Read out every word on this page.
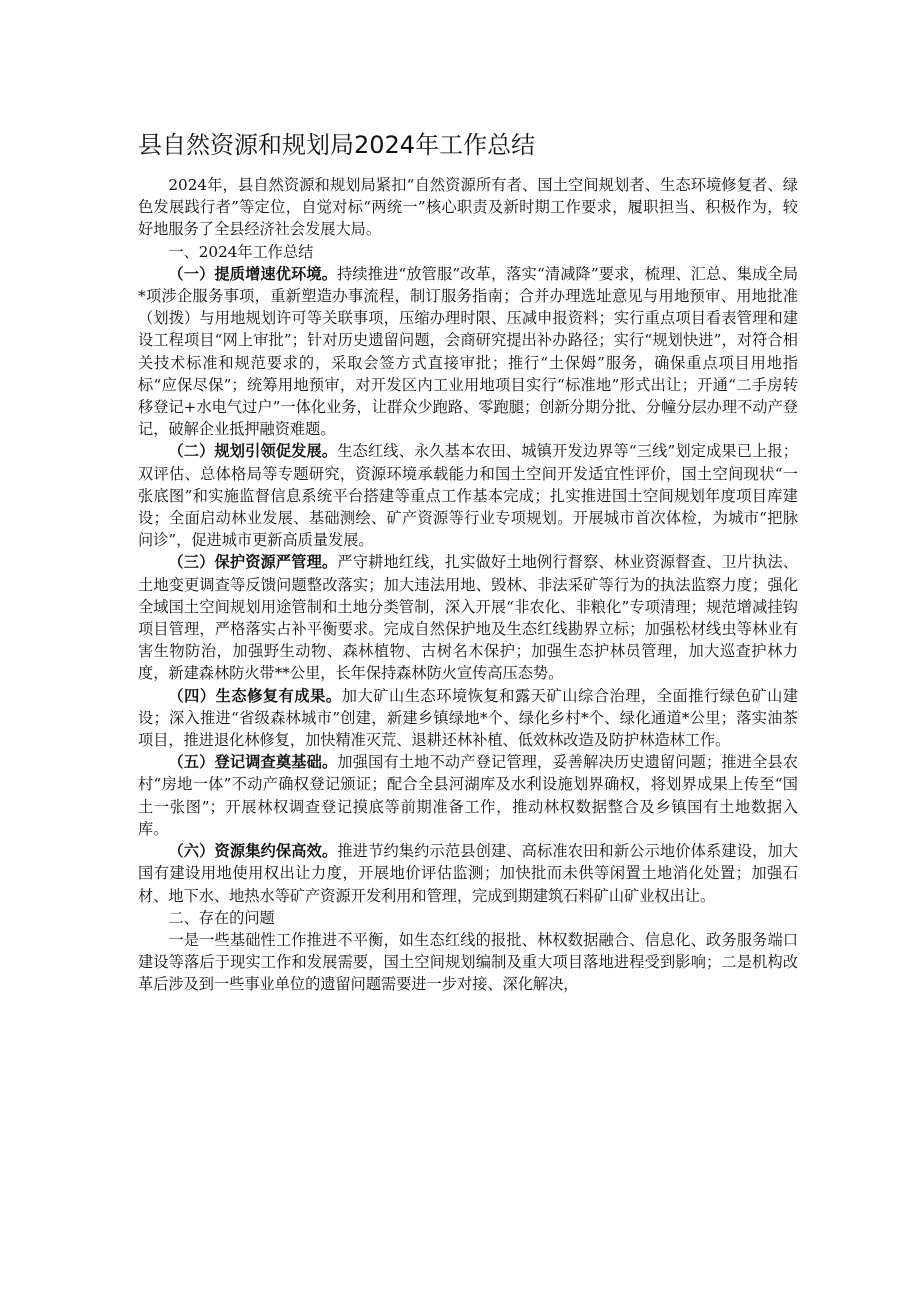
县自然资源和规划局2024年工作总结

2024年，县自然资源和规划局紧扣“自然资源所有者、国土空间规划者、生态环境修复者、绿色发展践行者”等定位，自觉对标“两统一”核心职责及新时期工作要求，履职担当、积极作为，较好地服务了全县经济社会发展大局。

一、2024年工作总结

（一）提质增速优环境。持续推进“放管服”改革，落实“清减降”要求，梳理、汇总、集成全局*项涉企服务事项，重新塑造办事流程，制订服务指南；合并办理选址意见与用地预审、用地批准（划拨）与用地规划许可等关联事项，压缩办理时限、压减申报资料；实行重点项目看表管理和建设工程项目“网上审批”；针对历史遗留问题，会商研究提出补办路径；实行“规划快进”，对符合相关技术标准和规范要求的，采取会签方式直接审批；推行“土保姆”服务，确保重点项目用地指标“应保尽保”；统筹用地预审，对开发区内工业用地项目实行“标准地”形式出让；开通“二手房转移登记+水电气过户”一体化业务，让群众少跑路、零跑腿；创新分期分批、分幢分层办理不动产登记，破解企业抵押融资难题。

（二）规划引领促发展。生态红线、永久基本农田、城镇开发边界等“三线”划定成果已上报；双评估、总体格局等专题研究，资源环境承载能力和国土空间开发适宜性评价，国土空间现状“一张底图”和实施监督信息系统平台搭建等重点工作基本完成；扎实推进国土空间规划年度项目库建设；全面启动林业发展、基础测绘、矿产资源等行业专项规划。开展城市首次体检，为城市“把脉问诊”，促进城市更新高质量发展。

（三）保护资源严管理。严守耕地红线，扎实做好土地例行督察、林业资源督查、卫片执法、土地变更调查等反馈问题整改落实；加大违法用地、毁林、非法采矿等行为的执法监察力度；强化全域国土空间规划用途管制和土地分类管制，深入开展“非农化、非粮化”专项清理；规范增减挂钩项目管理，严格落实占补平衡要求。完成自然保护地及生态红线勘界立标；加强松材线虫等林业有害生物防治，加强野生动物、森林植物、古树名木保护；加强生态护林员管理，加大巡查护林力度，新建森林防火带**公里，长年保持森林防火宣传高压态势。

（四）生态修复有成果。加大矿山生态环境恢复和露天矿山综合治理，全面推行绿色矿山建设；深入推进“省级森林城市”创建，新建乡镇绿地*个、绿化乡村*个、绿化通道*公里；落实油茶项目，推进退化林修复，加快精准灭荒、退耕还林补植、低效林改造及防护林造林工作。

（五）登记调查奠基础。加强国有土地不动产登记管理，妥善解决历史遗留问题；推进全县农村“房地一体”不动产确权登记颁证；配合全县河湖库及水利设施划界确权，将划界成果上传至“国土一张图”；开展林权调查登记摸底等前期准备工作，推动林权数据整合及乡镇国有土地数据入库。

（六）资源集约保高效。推进节约集约示范县创建、高标准农田和新公示地价体系建设，加大国有建设用地使用权出让力度，开展地价评估监测；加快批而未供等闲置土地消化处置；加强石材、地下水、地热水等矿产资源开发利用和管理，完成到期建筑石料矿山矿业权出让。

二、存在的问题

一是一些基础性工作推进不平衡，如生态红线的报批、林权数据融合、信息化、政务服务端口建设等落后于现实工作和发展需要，国土空间规划编制及重大项目落地进程受到影响；二是机构改革后涉及到一些事业单位的遗留问题需要进一步对接、深化解决，
